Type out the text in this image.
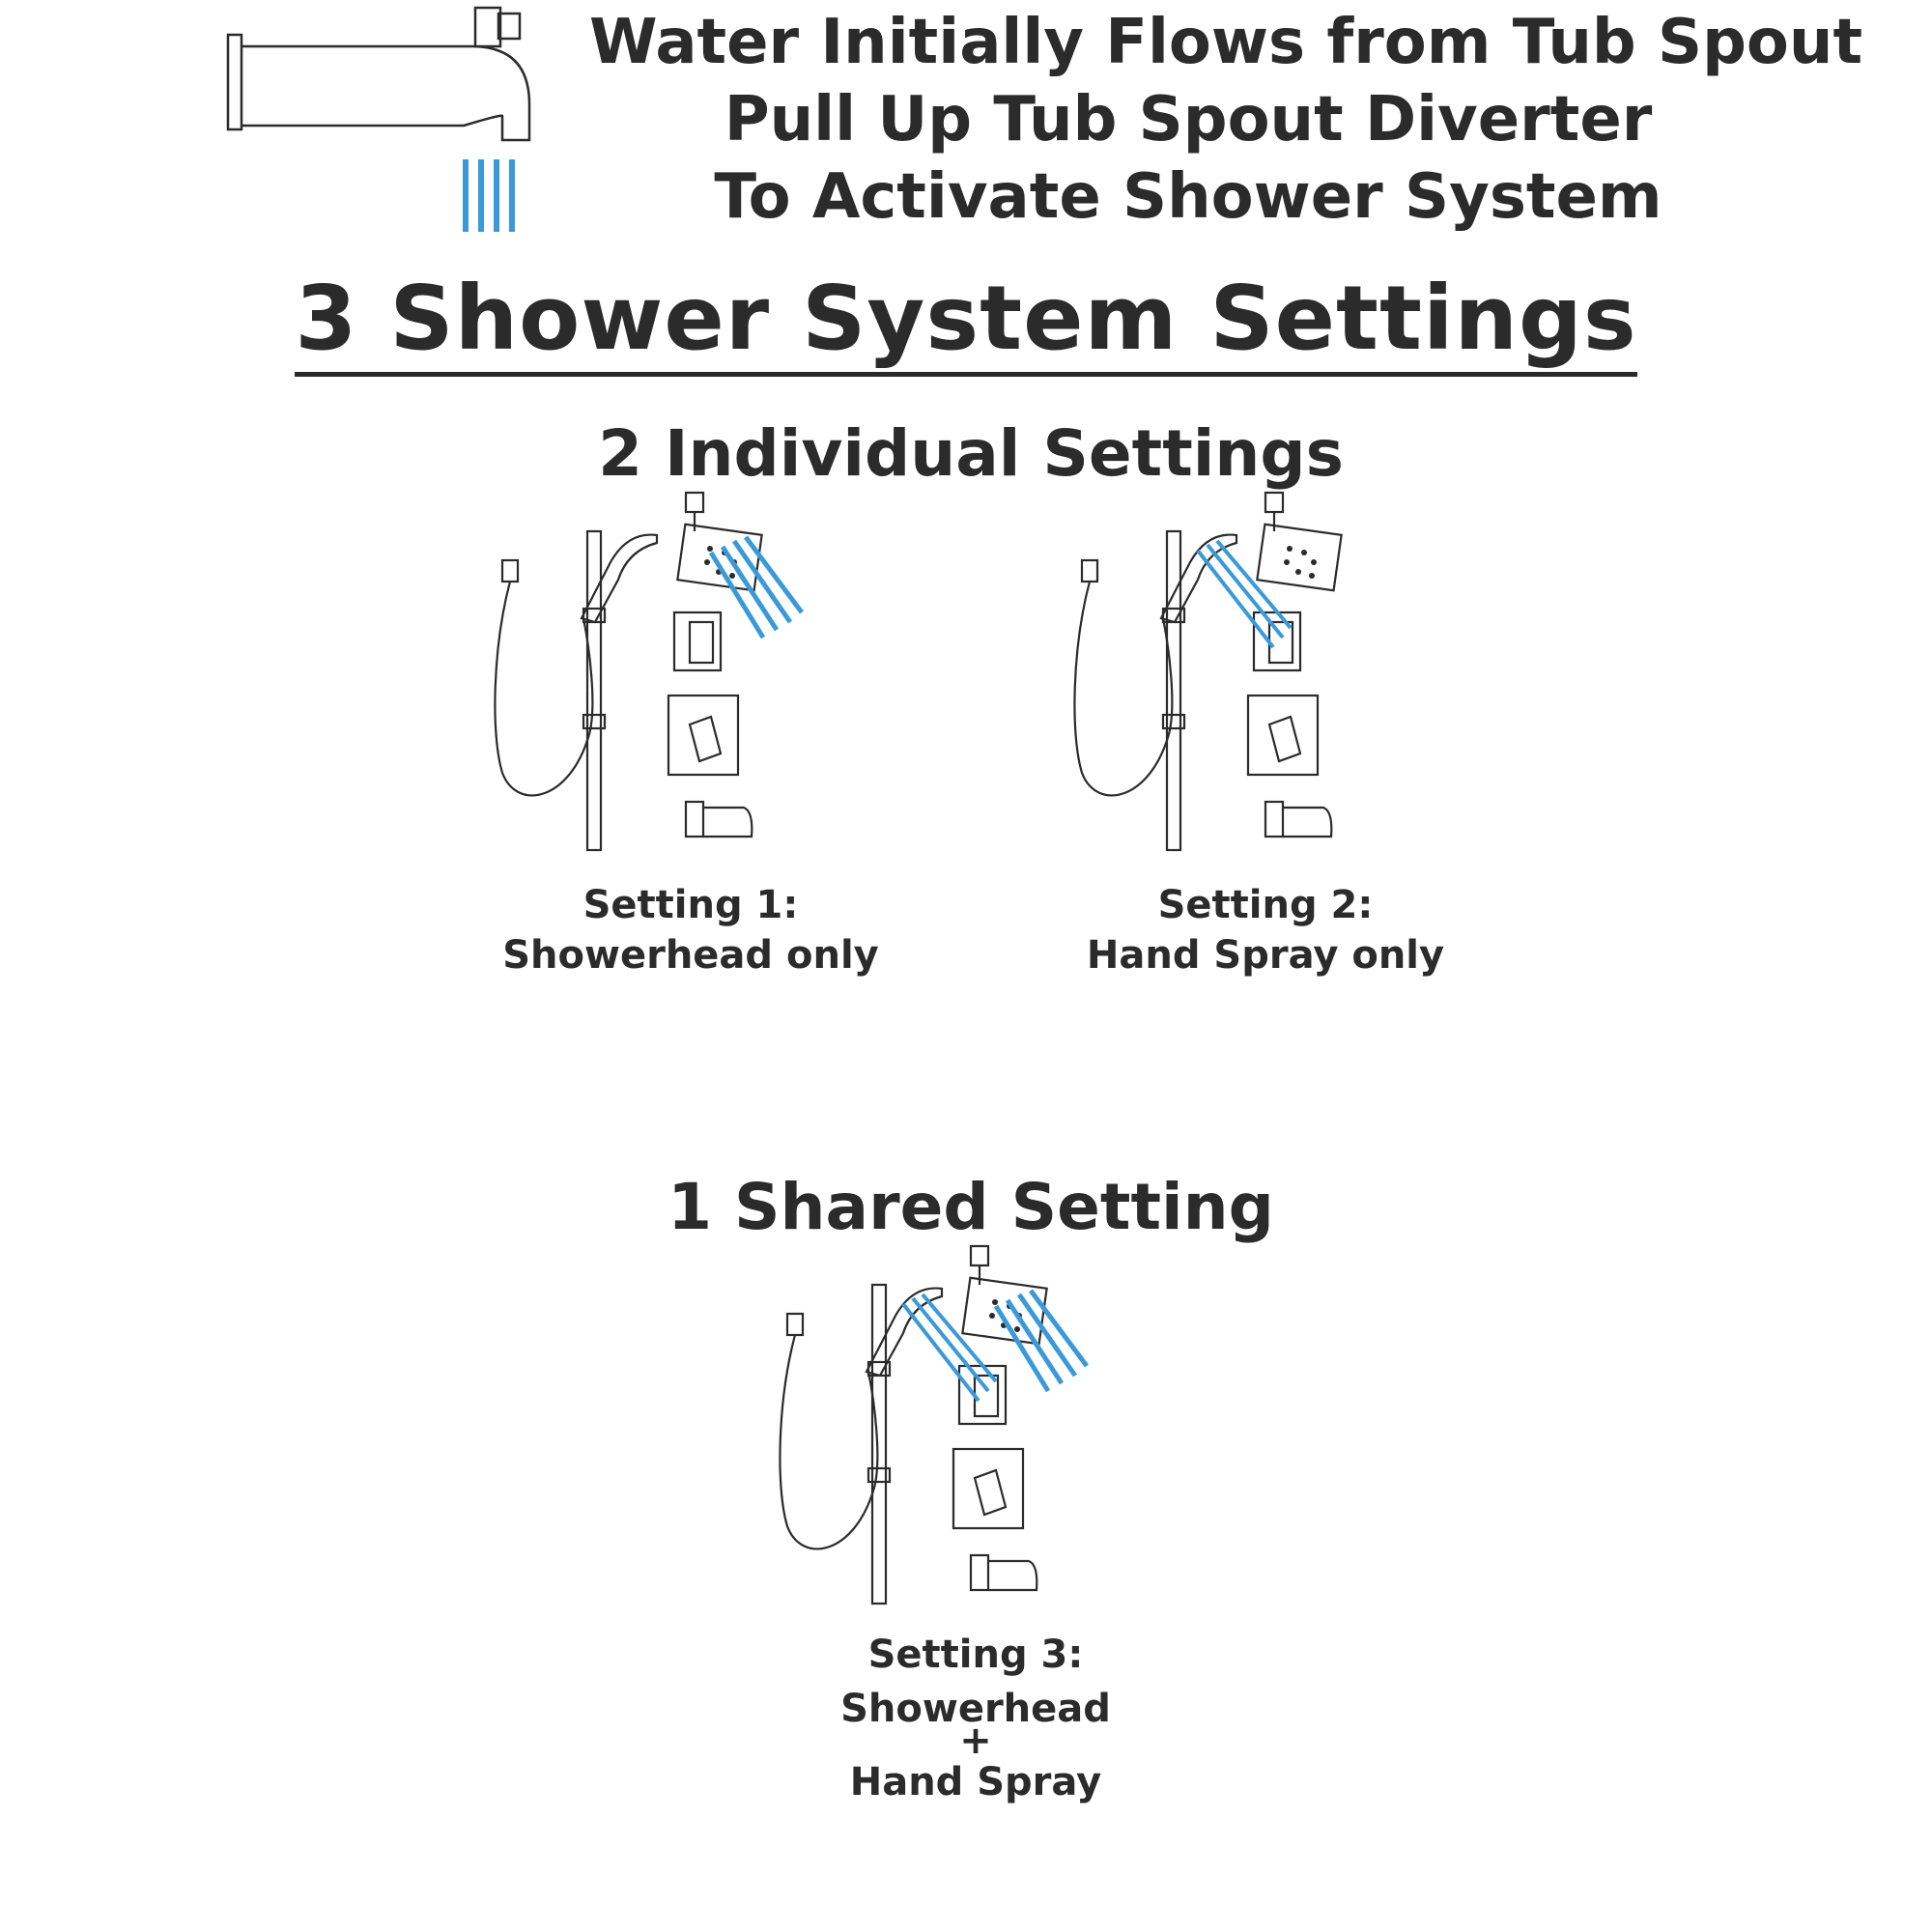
Water Initially Flows from Tub Spout
Pull Up Tub Spout Diverter
To Activate Shower System
3 Shower System Settings
2 Individual Settings
Setting 1:
Showerhead only
Setting 2:
Hand Spray only
1 Shared Setting
Setting 3:
Showerhead
+
Hand Spray
